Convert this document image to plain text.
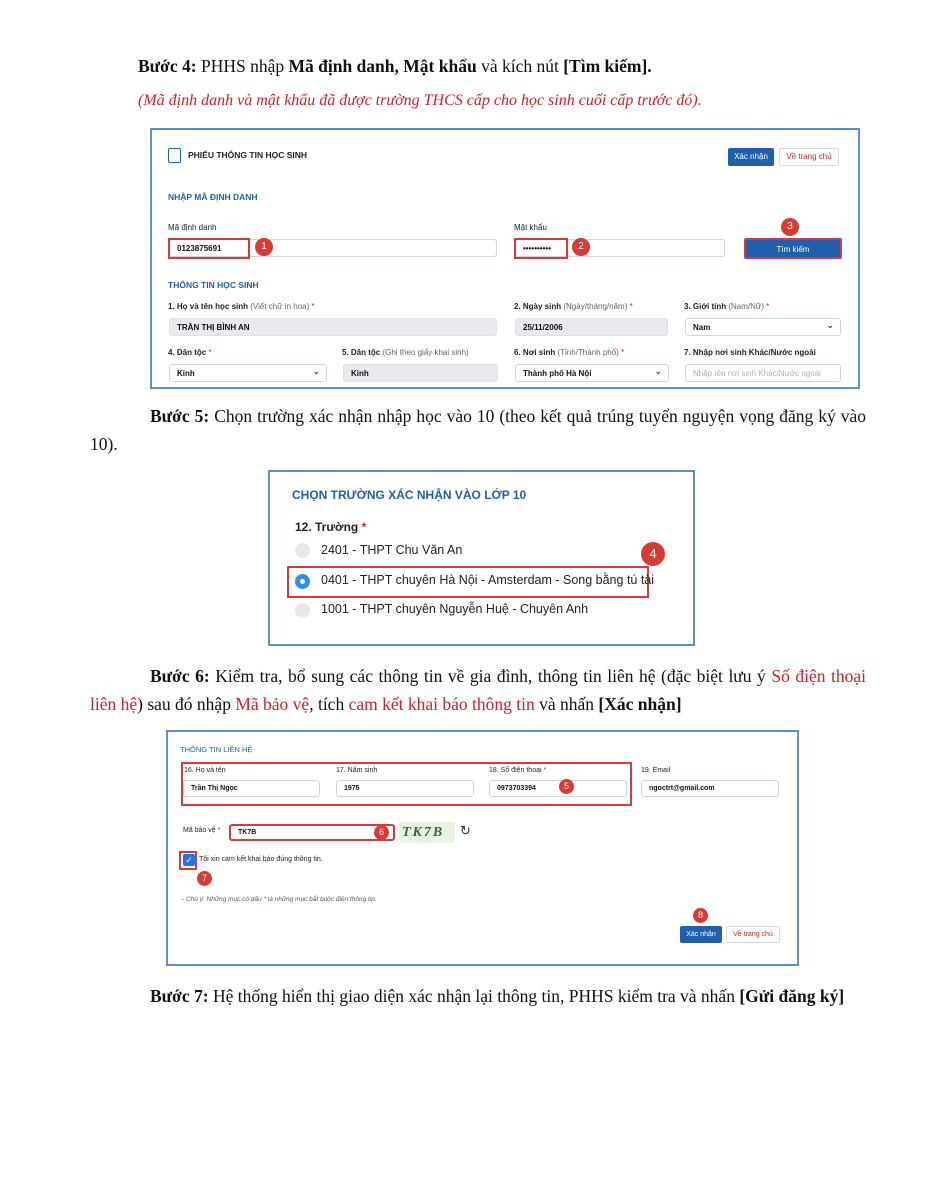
Bước 4: PHHS nhập Mã định danh, Mật khẩu và kích nút [Tìm kiếm].
(Mã định danh và mật khẩu đã được trường THCS cấp cho học sinh cuối cấp trước đó).
PHIẾU THÔNG TIN HỌC SINH	Xác nhận	Về trang chủ
NHẬP MÃ ĐỊNH DANH
Mã định danh
0123875691	1
Mật khẩu
••••••••••	2
3
Tìm kiếm
THÔNG TIN HỌC SINH
1. Họ và tên học sinh (Viết chữ in hoa) *
TRẦN THỊ BÌNH AN
2. Ngày sinh (Ngày/tháng/năm) *
25/11/2006
3. Giới tính (Nam/Nữ) *
Nam ⌄
4. Dân tộc *
Kinh ⌄
5. Dân tộc (Ghi theo giấy khai sinh)
Kinh
6. Nơi sinh (Tỉnh/Thành phố) *
Thành phố Hà Nội ⌄
7. Nhập nơi sinh Khác/Nước ngoài
Nhập tên nơi sinh Khác/Nước ngoài
Bước 5: Chọn trường xác nhận nhập học vào 10 (theo kết quả trúng tuyển nguyện vọng đăng ký vào 10).
CHỌN TRƯỜNG XÁC NHẬN VÀO LỚP 10
12. Trường *
2401 - THPT Chu Văn An
0401 - THPT chuyên Hà Nội - Amsterdam - Song bằng tú tài
4
1001 - THPT chuyên Nguyễn Huệ - Chuyên Anh
Bước 6: Kiểm tra, bổ sung các thông tin về gia đình, thông tin liên hệ (đặc biệt lưu ý Số điện thoại liên hệ) sau đó nhập Mã bảo vệ, tích cam kết khai báo thông tin và nhấn [Xác nhận]
THÔNG TIN LIÊN HỆ
16. Họ và tên
Trần Thị Ngọc
17. Năm sinh
1975
18. Số điện thoại *
0973703394	5
19. Email
ngoctrt@gmail.com
Mã bảo vệ *	TK7B	6	TK7B	↻
✓ Tôi xin cam kết khai báo đúng thông tin.
7
- Chú ý: Những mục có dấu * là những mục bắt buộc điền thông tin.
8
Xác nhận	Về trang chủ
Bước 7: Hệ thống hiển thị giao diện xác nhận lại thông tin, PHHS kiểm tra và nhấn [Gửi đăng ký]
